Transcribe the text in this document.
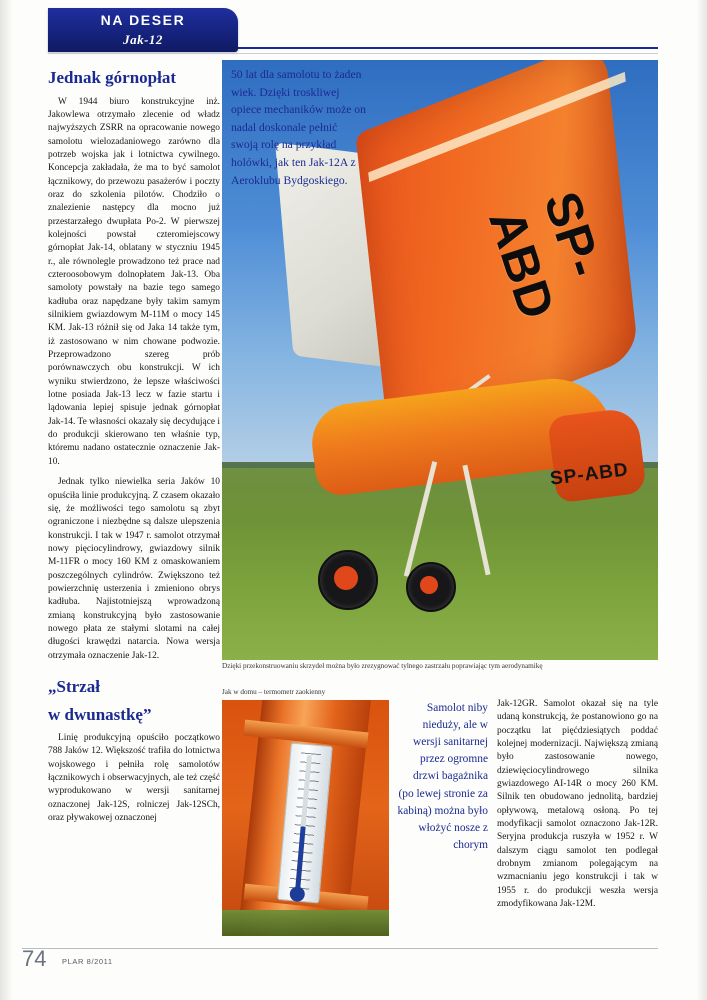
NA DESER
Jak-12
Jednak górnopłat

W 1944 biuro konstrukcyjne inż. Jakowlewa otrzymało zlecenie od władz najwyższych ZSRR na opracowanie nowego samolotu wielozadaniowego zarówno dla potrzeb wojska jak i lotnictwa cywilnego. Koncepcja zakładała, że ma to być samolot łącznikowy, do przewozu pasażerów i poczty oraz do szkolenia pilotów. Chodziło o znalezienie następcy dla mocno już przestarzałego dwupłata Po-2. W pierwszej kolejności powstał czteromiejscowy górnopłat Jak-14, oblatany w styczniu 1945 r., ale równolegle prowadzono też prace nad czteroosobowym dolnopłatem Jak-13. Oba samoloty powstały na bazie tego samego kadłuba oraz napędzane były takim samym silnikiem gwiazdowym M-11M o mocy 145 KM. Jak-13 różnił się od Jaka 14 także tym, iż zastosowano w nim chowane podwozie. Przeprowadzono szereg prób porównawczych obu konstrukcji. W ich wyniku stwierdzono, że lepsze właściwości lotne posiada Jak-13 lecz w fazie startu i lądowania lepiej spisuje jednak górnopłat Jak-14. Te własności okazały się decydujące i do produkcji skierowano ten właśnie typ, któremu nadano ostatecznie oznaczenie Jak-10.

Jednak tylko niewielka seria Jaków 10 opuściła linie produkcyjną. Z czasem okazało się, że możliwości tego samolotu są zbyt ograniczone i niezbędne są dalsze ulepszenia konstrukcji. I tak w 1947 r. samolot otrzymał nowy pięciocylindrowy, gwiazdowy silnik M-11FR o mocy 160 KM z omaskowaniem poszczególnych cylindrów. Zwiększono też powierzchnię usterzenia i zmieniono obrys kadłuba. Najistotniejszą wprowadzoną zmianą konstrukcyjną było zastosowanie nowego płata ze stałymi slotami na całej długości krawędzi natarcia. Nowa wersja otrzymała oznaczenie Jak-12.

„Strzał
w dwunastkę”

Linię produkcyjną opuściło początkowo 788 Jaków 12. Większość trafiła do lotnictwa wojskowego i pełniła rolę samolotów łącznikowych i obserwacyjnych, ale też część wyprodukowano w wersji sanitarnej oznaczonej Jak-12S, rolniczej Jak-12SCh, oraz pływakowej oznaczonej

SP-ABD
SP-ABD
Dzięki przekonstruowaniu skrzydeł można było zrezygnować tylnego zastrzału poprawiając tym aerodynamikę
50 lat dla samolotu to żaden wiek. Dzięki troskliwej opiece mechaników może on nadal doskonale pełnić swoją rolę na przykład holówki, jak ten Jak-12A z Aeroklubu Bydgoskiego.
Jak w domu – termometr zaokienny
Samolot niby nieduży, ale w wersji sanitarnej przez ogromne drzwi bagażnika (po lewej stronie za kabiną) można było włożyć nosze z chorym

Jak-12GR. Samolot okazał się na tyle udaną konstrukcją, że postanowiono go na początku lat pięćdziesiątych poddać kolejnej modernizacji. Największą zmianą było zastosowanie nowego, dziewięciocylindrowego silnika gwiazdowego AI-14R o mocy 260 KM. Silnik ten obudowano jednolitą, bardziej opływową, metalową osłoną. Po tej modyfikacji samolot oznaczono Jak-12R. Seryjna produkcja ruszyła w 1952 r. W dalszym ciągu samolot ten podlegał drobnym zmianom polegającym na wzmacnianiu jego konstrukcji i tak w 1955 r. do produkcji weszła wersja zmodyfikowana Jak-12M.

74 PLAR 8/2011
